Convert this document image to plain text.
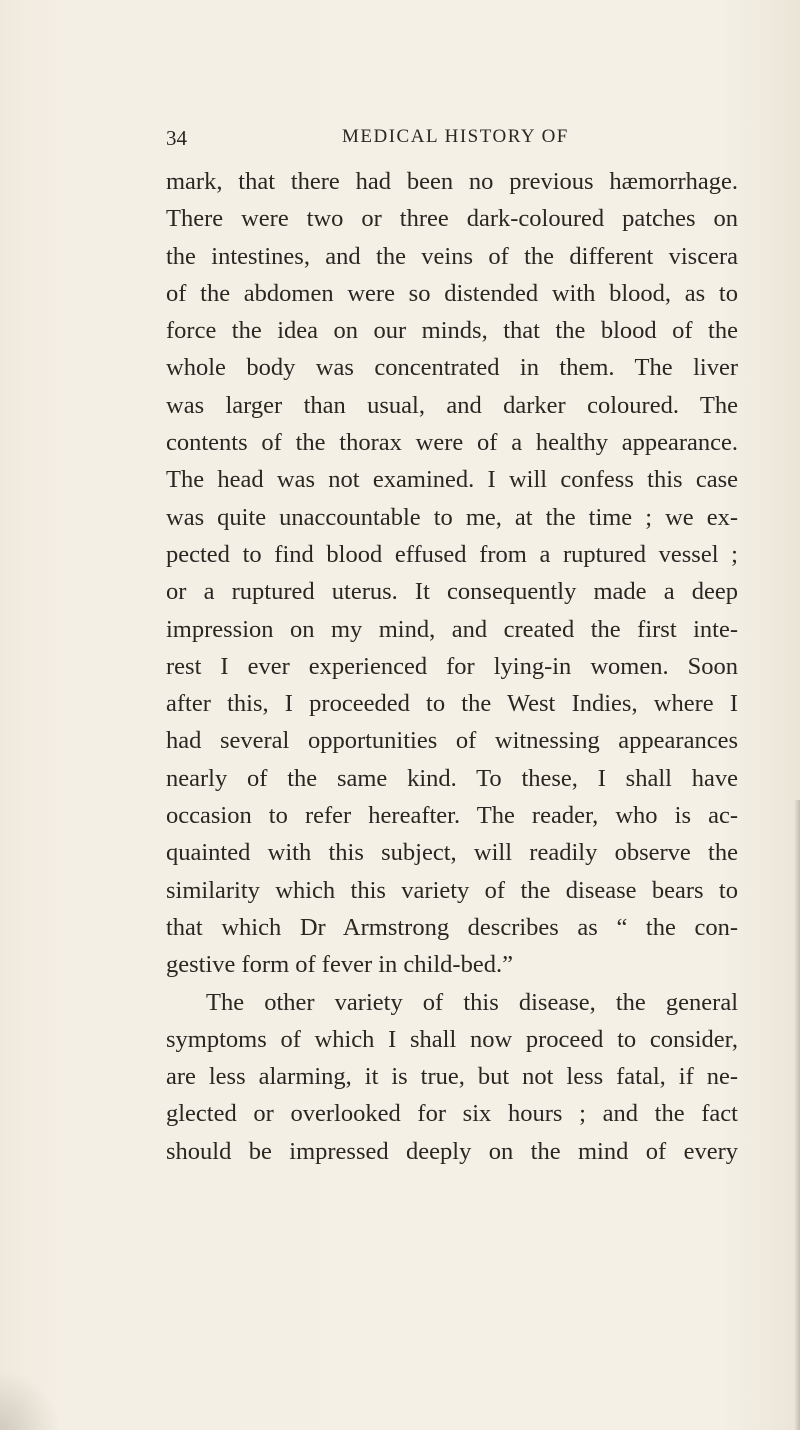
34	MEDICAL HISTORY OF
mark, that there had been no previous hæmorrhage.
There were two or three dark-coloured patches on
the intestines, and the veins of the different viscera
of the abdomen were so distended with blood, as to
force the idea on our minds, that the blood of the
whole body was concentrated in them. The liver
was larger than usual, and darker coloured. The
contents of the thorax were of a healthy appearance.
The head was not examined. I will confess this case
was quite unaccountable to me, at the time ; we ex-
pected to find blood effused from a ruptured vessel ;
or a ruptured uterus. It consequently made a deep
impression on my mind, and created the first inte-
rest I ever experienced for lying-in women. Soon
after this, I proceeded to the West Indies, where I
had several opportunities of witnessing appearances
nearly of the same kind. To these, I shall have
occasion to refer hereafter. The reader, who is ac-
quainted with this subject, will readily observe the
similarity which this variety of the disease bears to
that which Dr Armstrong describes as “ the con-
gestive form of fever in child-bed.”
The other variety of this disease, the general
symptoms of which I shall now proceed to consider,
are less alarming, it is true, but not less fatal, if ne-
glected or overlooked for six hours ; and the fact
should be impressed deeply on the mind of every
